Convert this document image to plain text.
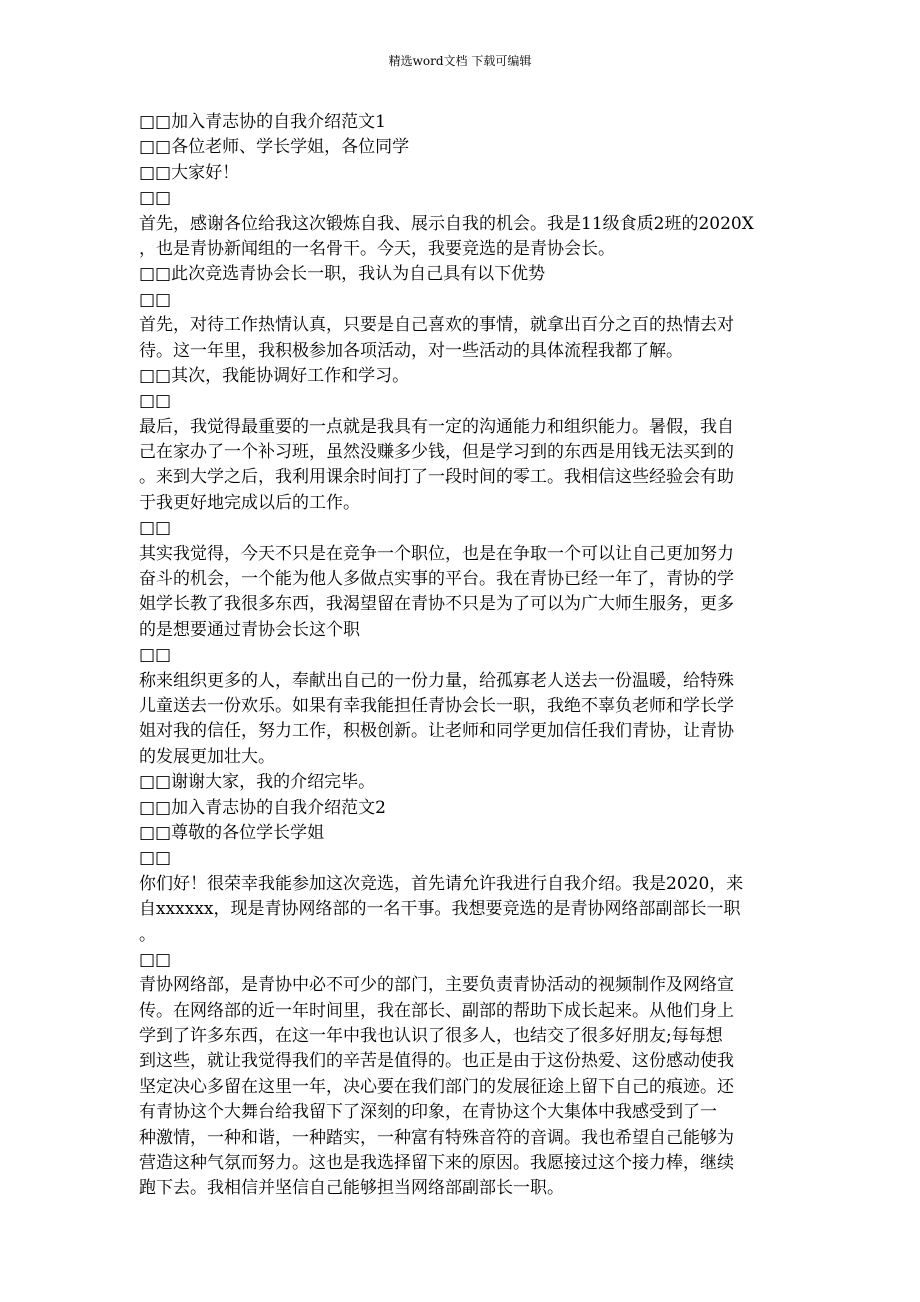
精选word文档 下载可编辑
□□加入青志协的自我介绍范文1
□□各位老师、学长学姐，各位同学
□□大家好！
□□
首先，感谢各位给我这次锻炼自我、展示自我的机会。我是11级食质2班的2020X
，也是青协新闻组的一名骨干。今天，我要竞选的是青协会长。
□□此次竞选青协会长一职，我认为自己具有以下优势
□□
首先，对待工作热情认真，只要是自己喜欢的事情，就拿出百分之百的热情去对
待。这一年里，我积极参加各项活动，对一些活动的具体流程我都了解。
□□其次，我能协调好工作和学习。
□□
最后，我觉得最重要的一点就是我具有一定的沟通能力和组织能力。暑假，我自
己在家办了一个补习班，虽然没赚多少钱，但是学习到的东西是用钱无法买到的
。来到大学之后，我利用课余时间打了一段时间的零工。我相信这些经验会有助
于我更好地完成以后的工作。
□□
其实我觉得，今天不只是在竞争一个职位，也是在争取一个可以让自己更加努力
奋斗的机会，一个能为他人多做点实事的平台。我在青协已经一年了，青协的学
姐学长教了我很多东西，我渴望留在青协不只是为了可以为广大师生服务，更多
的是想要通过青协会长这个职
□□
称来组织更多的人，奉献出自己的一份力量，给孤寡老人送去一份温暖，给特殊
儿童送去一份欢乐。如果有幸我能担任青协会长一职，我绝不辜负老师和学长学
姐对我的信任，努力工作，积极创新。让老师和同学更加信任我们青协，让青协
的发展更加壮大。
□□谢谢大家，我的介绍完毕。
□□加入青志协的自我介绍范文2
□□尊敬的各位学长学姐
□□
你们好！很荣幸我能参加这次竞选，首先请允许我进行自我介绍。我是2020，来
自xxxxxx，现是青协网络部的一名干事。我想要竞选的是青协网络部副部长一职
。
□□
青协网络部，是青协中必不可少的部门，主要负责青协活动的视频制作及网络宣
传。在网络部的近一年时间里，我在部长、副部的帮助下成长起来。从他们身上
学到了许多东西，在这一年中我也认识了很多人，也结交了很多好朋友;每每想
到这些，就让我觉得我们的辛苦是值得的。也正是由于这份热爱、这份感动使我
坚定决心多留在这里一年，决心要在我们部门的发展征途上留下自己的痕迹。还
有青协这个大舞台给我留下了深刻的印象，在青协这个大集体中我感受到了一
种激情，一种和谐，一种踏实，一种富有特殊音符的音调。我也希望自己能够为
营造这种气氛而努力。这也是我选择留下来的原因。我愿接过这个接力棒，继续
跑下去。我相信并坚信自己能够担当网络部副部长一职。
